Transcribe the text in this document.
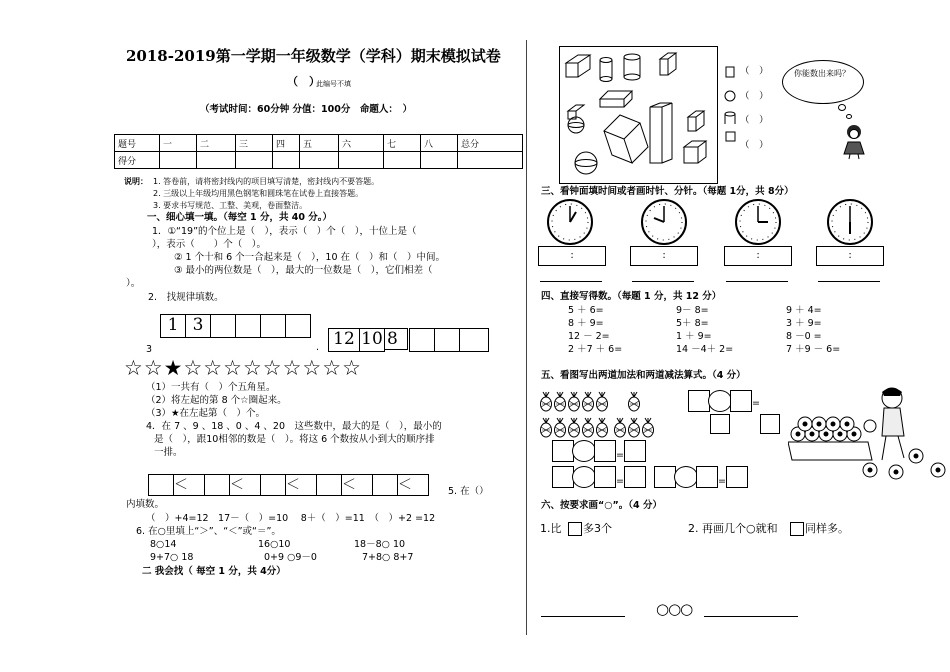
2018-2019第一学期一年级数学（学科）期末模拟试卷
（　）
此编号不填
（考试时间：60分钟 分值：100分　命题人：　）
题号	一	二	三	四	五	六	七	八	总分
得分									
说明： 1. 答卷前，请将密封线内的项目填写清楚，密封线内不要答题。
2. 三级以上年级均用黑色钢笔和圆珠笔在试卷上直接答题。
3. 要求书写规范、工整、美观，卷面整洁。
一、细心填一填。（每空 1 分，共 40 分。）
1．①“19”的个位上是（　），表示（　）个（　），十位上是（
），表示（　　）个（　）。
② 1 个十和 6 个一合起来是（　），10 在（　）和（　）中间。
③ 最小的两位数是（　），最大的一位数是（　），它们相差（
）。
2.　找规律填数。
3
1 3
. 12 10 8
☆☆★☆☆☆☆☆☆☆☆☆
（1）一共有（　）个五角星。
（2）将左起的第 8 个☆圈起来。
（3）★在左起第（　）个。
4．在 7 、9 、18 、0 、4 、20　这些数中，最大的是（　），最小的
是（　），跟10相邻的数是（　）。将这 6 个数按从小到大的顺序排
一排。
＜	＜	＜	＜	＜	5. 在（）
内填数。
（　）+4=12　17－（　）=10　 8＋（　）=11　（　）+2 =12
6. 在○里填上“＞”、“＜”或“＝”。
8○14	16○10	18－8○ 10
9+7○ 18	0+9 ○9－0	7+8○ 8+7
二 我会找（ 每空 1 分，共 4分）
（　）
（　）
（　）
（　）
你能数出来吗？
三、看钟面填时间或者画时针、分针。（每题 1分，共 8分）
:	:	:	:
四、直接写得数。（每题 1 分，共 12 分）
5 ＋ 6=	9－ 8=	9 ＋ 4=
8 ＋ 9=	5＋ 8=	3 ＋ 9=
12 － 2=	1 ＋ 9=	8 －0 =
2 ＋7 ＋ 6=	14 －4＋ 2=	7 ＋9 － 6=
五、看图写出两道加法和两道减法算式。（4 分）
=
=
=	=
六、按要求画“○”。（4 分）
1.比 多3个	2. 再画几个○就和 同样多。
○○○
